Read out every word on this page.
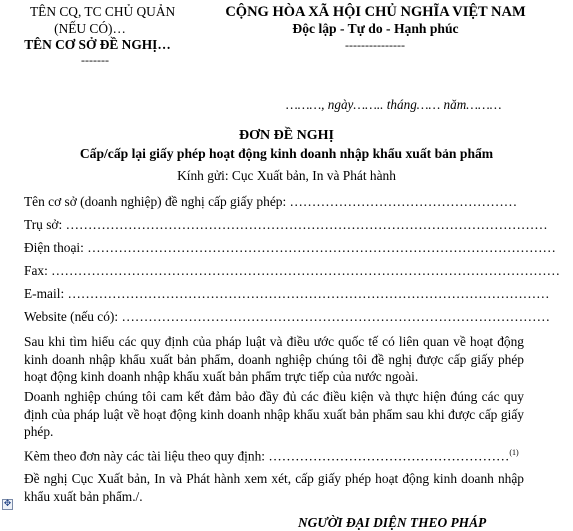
TÊN CQ, TC CHỦ QUẢN
(NẾU CÓ)…
TÊN CƠ SỞ ĐỀ NGHỊ…
-------
CỘNG HÒA XÃ HỘI CHỦ NGHĨA VIỆT NAM
Độc lập - Tự do - Hạnh phúc
---------------
………, ngày…….. tháng…… năm………
ĐƠN ĐỀ NGHỊ
Cấp/cấp lại giấy phép hoạt động kinh doanh nhập khẩu xuất bản phẩm
Kính gửi: Cục Xuất bản, In và Phát hành
Tên cơ sở (doanh nghiệp) đề nghị cấp giấy phép: ……………………………………………
Trụ sở: ………………………………………………………………………………………………
Điện thoại: ……………………………………………………………………………………………
Fax: ……………………………………………………………………………………………………
E-mail: ………………………………………………………………………………………………
Website (nếu có): ……………………………………………………………………………………
Sau khi tìm hiểu các quy định của pháp luật và điều ước quốc tế có liên quan về hoạt động kinh doanh nhập khẩu xuất bản phẩm, doanh nghiệp chúng tôi đề nghị được cấp giấy phép hoạt động kinh doanh nhập khẩu xuất bản phẩm trực tiếp của nước ngoài.
Doanh nghiệp chúng tôi cam kết đảm bảo đầy đủ các điều kiện và thực hiện đúng các quy định của pháp luật về hoạt động kinh doanh nhập khẩu xuất bản phẩm sau khi được cấp giấy phép.
Kèm theo đơn này các tài liệu theo quy định: ………………………………………………$^{(1)}$
Đề nghị Cục Xuất bản, In và Phát hành xem xét, cấp giấy phép hoạt động kinh doanh nhập khẩu xuất bản phẩm./.
NGƯỜI ĐẠI DIỆN THEO PHÁP
✥
